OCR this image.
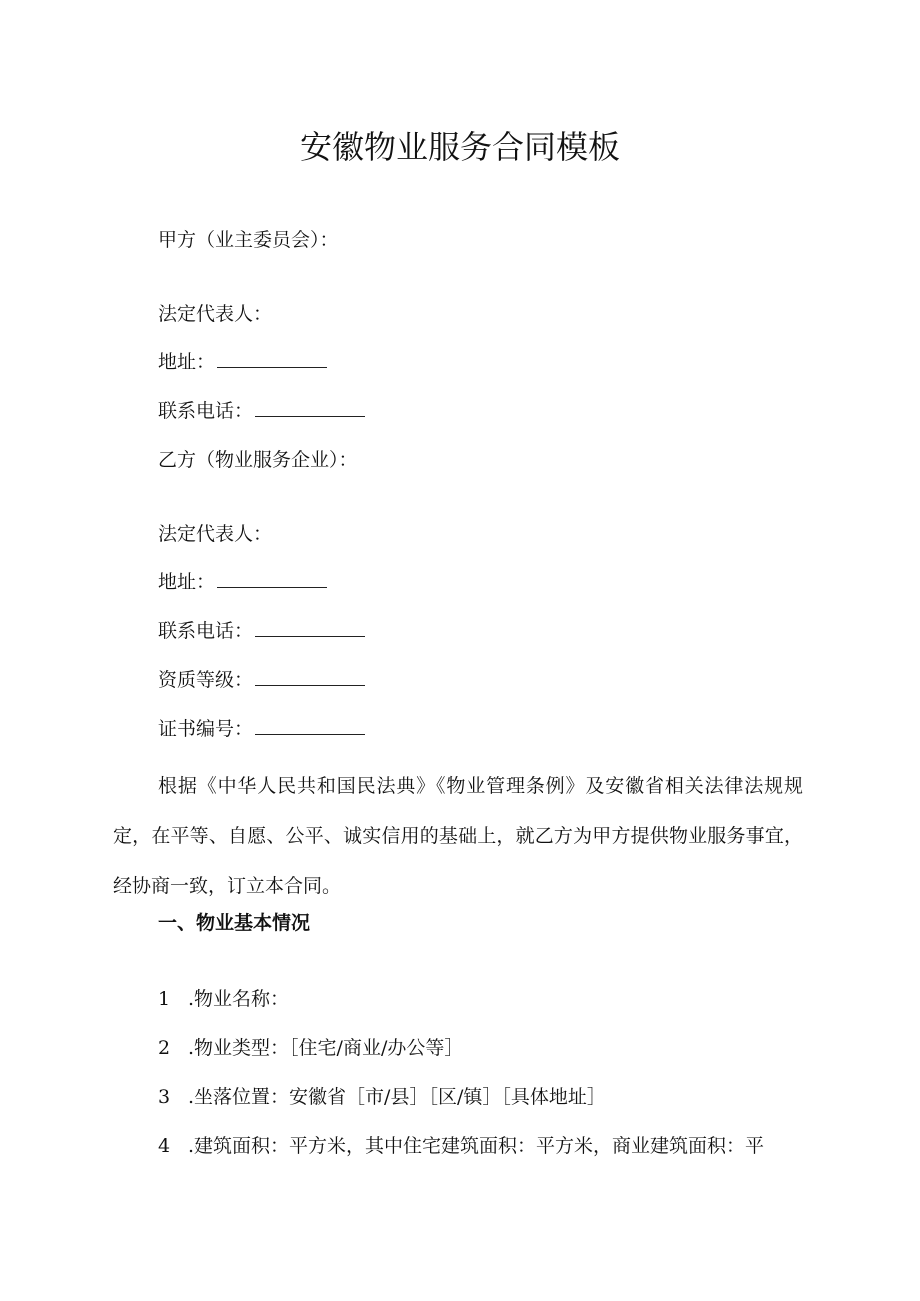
安徽物业服务合同模板
甲方（业主委员会）：
法定代表人：
地址：
联系电话：
乙方（物业服务企业）：
法定代表人：
地址：
联系电话：
资质等级：
证书编号：

根据《中华人民共和国民法典》《物业管理条例》及安徽省相关法律法规规定，在平等、自愿、公平、诚实信用的基础上，就乙方为甲方提供物业服务事宜，经协商一致，订立本合同。

一、物业基本情况
1 .物业名称：
2 .物业类型：［住宅/商业/办公等］
3 .坐落位置：安徽省［市/县］［区/镇］［具体地址］
4 .建筑面积：平方米，其中住宅建筑面积：平方米，商业建筑面积：平
